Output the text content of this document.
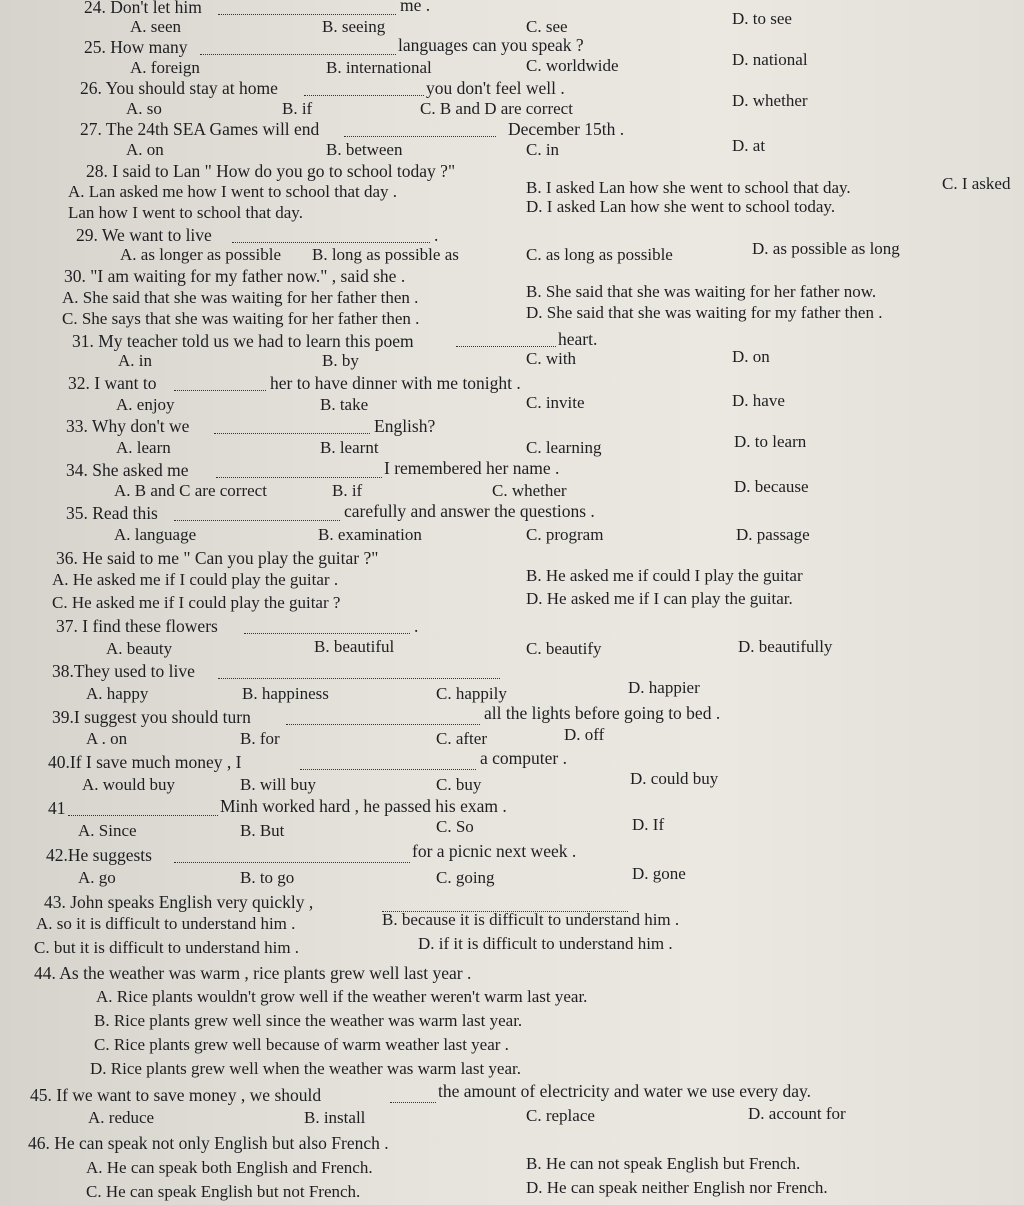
24. Don't let him	me .
A. seen	B. seeing	C. see	D. to see
25. How many	languages can you speak ?
A. foreign	B. international	C. worldwide	D. national
26. You should stay at home	you don't feel well .
A. so	B. if	C. B and D are correct	D. whether
27. The 24th SEA Games will end	December 15th .
A. on	B. between	C. in	D. at
28. I said to Lan " How do you go to school today ?"
A. Lan asked me how I went to school that day .	B. I asked Lan how she went to school that day.	C. I asked
Lan how I went to school that day.	D. I asked Lan how she went to school today.
29. We want to live	.
A. as longer as possible B. long as possible as	C. as long as possible	D. as possible as long
30. "I am waiting for my father now." , said she .
A. She said that she was waiting for her father then .	B. She said that she was waiting for her father now.
C. She says that she was waiting for her father then .	D. She said that she was waiting for my father then .
31. My teacher told us we had to learn this poem	heart.
A. in	B. by	C. with	D. on
32. I want to	her to have dinner with me tonight .
A. enjoy	B. take	C. invite	D. have
33. Why don't we	English?
A. learn	B. learnt	C. learning	D. to learn
34. She asked me	I remembered her name .
A. B and C are correct	B. if	C. whether	D. because
35. Read this	carefully and answer the questions .
A. language	B. examination	C. program	D. passage
36. He said to me " Can you play the guitar ?"
A. He asked me if I could play the guitar .	B. He asked me if could I play the guitar
C. He asked me if I could play the guitar ?	D. He asked me if I can play the guitar.
37. I find these flowers	.
A. beauty	B. beautiful	C. beautify	D. beautifully
38.They used to live
A. happy	B. happiness	C. happily	D. happier
39.I suggest you should turn	all the lights before going to bed .
A . on	B. for	C. after	D. off
40.If I save much money , I	a computer .
A. would buy	B. will buy	C. buy	D. could buy
41	Minh worked hard , he passed his exam .
A. Since	B. But	C. So	D. If
42.He suggests	for a picnic next week .
A. go	B. to go	C. going	D. gone
43. John speaks English very quickly ,
A. so it is difficult to understand him .	B. because it is difficult to understand him .
C. but it is difficult to understand him .	D. if it is difficult to understand him .
44. As the weather was warm , rice plants grew well last year .
A. Rice plants wouldn't grow well if the weather weren't warm last year.
B. Rice plants grew well since the weather was warm last year.
C. Rice plants grew well because of warm weather last year .
D. Rice plants grew well when the weather was warm last year.
45. If we want to save money , we should	the amount of electricity and water we use every day.
A. reduce	B. install	C. replace	D. account for
46. He can speak not only English but also French .
A. He can speak both English and French.	B. He can not speak English but French.
C. He can speak English but not French.	D. He can speak neither English nor French.
